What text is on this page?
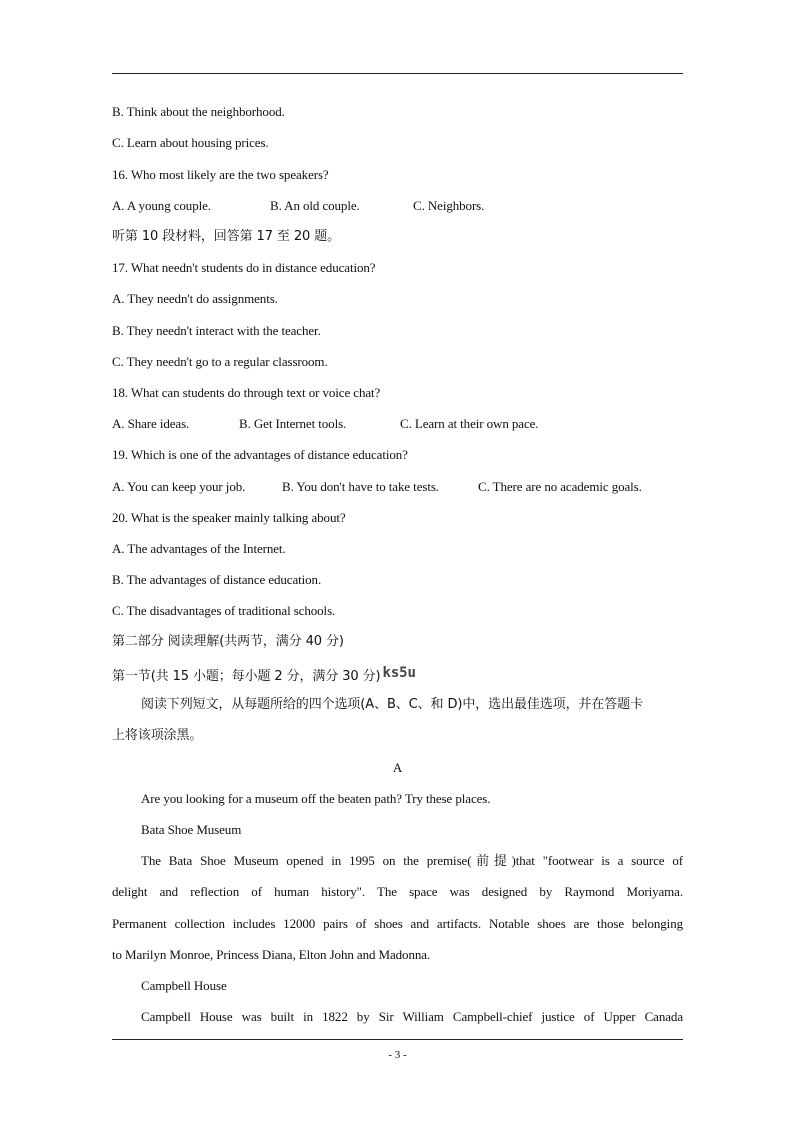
B. Think about the neighborhood.
C. Learn about housing prices.
16. Who most likely are the two speakers?
A. A young couple.	B. An old couple.	C. Neighbors.
听第 10 段材料，回答第 17 至 20 题。
17. What needn't students do in distance education?
A. They needn't do assignments.
B. They needn't interact with the teacher.
C. They needn't go to a regular classroom.
18. What can students do through text or voice chat?
A. Share ideas.	B. Get Internet tools.	C. Learn at their own pace.
19. Which is one of the advantages of distance education?
A. You can keep your job.	B. You don't have to take tests.	C. There are no academic goals.
20. What is the speaker mainly talking about?
A. The advantages of the Internet.
B. The advantages of distance education.
C. The disadvantages of traditional schools.
第二部分 阅读理解(共两节，满分 40 分)
第一节(共 15 小题；每小题 2 分，满分 30 分) ks5u
阅读下列短文，从每题所给的四个选项(A、B、C、和 D)中，选出最佳选项，并在答题卡
上将该项涂黑。
A
Are you looking for a museum off the beaten path? Try these places.
Bata Shoe Museum
The Bata Shoe Museum opened in 1995 on the premise(前提)that "footwear is a source of
delight and reflection of human history". The space was designed by Raymond Moriyama.
Permanent collection includes 12000 pairs of shoes and artifacts. Notable shoes are those belonging
to Marilyn Monroe, Princess Diana, Elton John and Madonna.
Campbell House
Campbell House was built in 1822 by Sir William Campbell-chief justice of Upper Canada
- 3 -
